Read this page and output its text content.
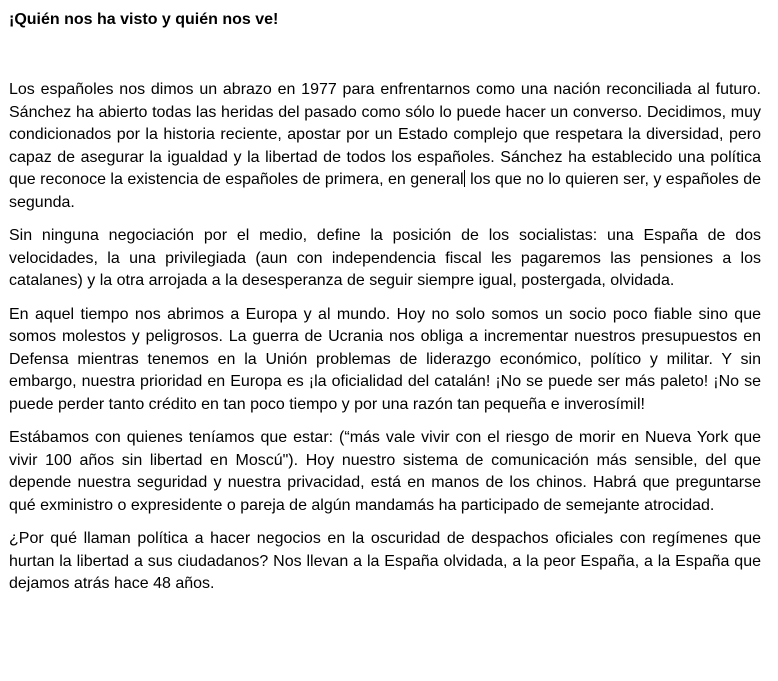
¡Quién nos ha visto y quién nos ve!

Los españoles nos dimos un abrazo en 1977 para enfrentarnos como una nación reconciliada al futuro. Sánchez ha abierto todas las heridas del pasado como sólo lo puede hacer un converso. Decidimos, muy condicionados por la historia reciente, apostar por un Estado complejo que respetara la diversidad, pero capaz de asegurar la igualdad y la libertad de todos los españoles. Sánchez ha establecido una política que reconoce la existencia de españoles de primera, en general los que no lo quieren ser, y españoles de segunda.

Sin ninguna negociación por el medio, define la posición de los socialistas: una España de dos velocidades, la una privilegiada (aun con independencia fiscal les pagaremos las pensiones a los catalanes) y la otra arrojada a la desesperanza de seguir siempre igual, postergada, olvidada.

En aquel tiempo nos abrimos a Europa y al mundo. Hoy no solo somos un socio poco fiable sino que somos molestos y peligrosos. La guerra de Ucrania nos obliga a incrementar nuestros presupuestos en Defensa mientras tenemos en la Unión problemas de liderazgo económico, político y militar. Y sin embargo, nuestra prioridad en Europa es ¡la oficialidad del catalán! ¡No se puede ser más paleto! ¡No se puede perder tanto crédito en tan poco tiempo y por una razón tan pequeña e inverosímil!

Estábamos con quienes teníamos que estar: (“más vale vivir con el riesgo de morir en Nueva York que vivir 100 años sin libertad en Moscú"). Hoy nuestro sistema de comunicación más sensible, del que depende nuestra seguridad y nuestra privacidad, está en manos de los chinos. Habrá que preguntarse qué exministro o expresidente o pareja de algún mandamás ha participado de semejante atrocidad.

¿Por qué llaman política a hacer negocios en la oscuridad de despachos oficiales con regímenes que hurtan la libertad a sus ciudadanos? Nos llevan a la España olvidada, a la peor España, a la España que dejamos atrás hace 48 años.
